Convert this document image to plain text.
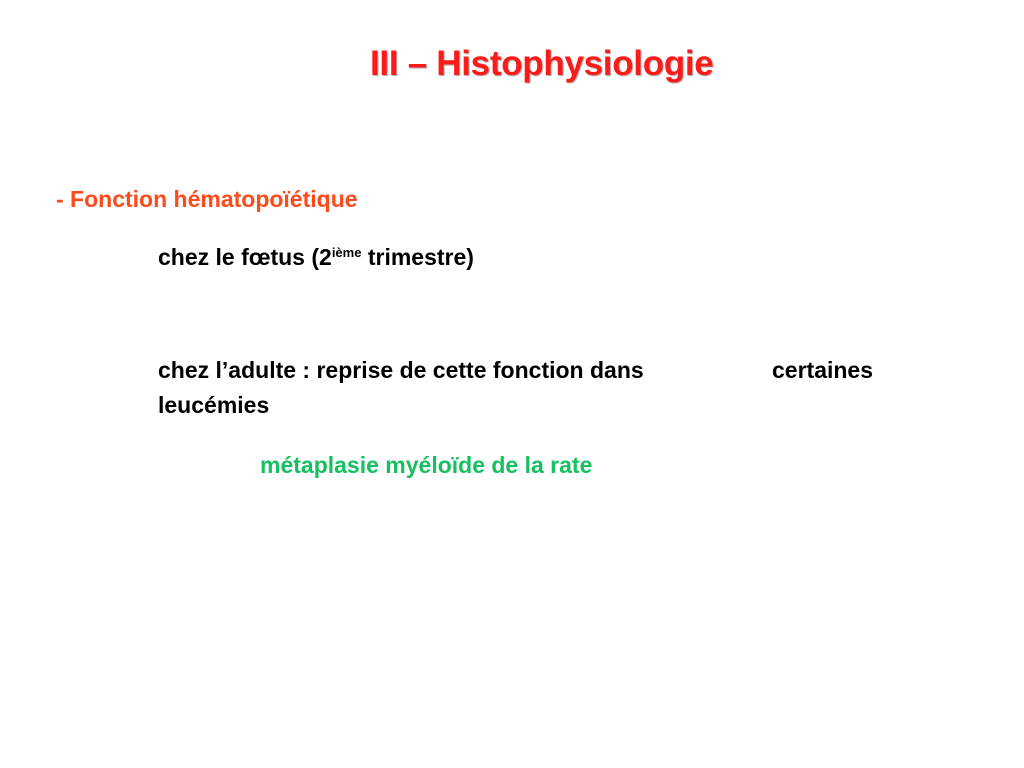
III – Histophysiologie
- Fonction hématopoïétique
chez le fœtus (2ième trimestre)
chez l’adulte : reprise de cette fonction dans	certaines
leucémies
métaplasie myéloïde de la rate
